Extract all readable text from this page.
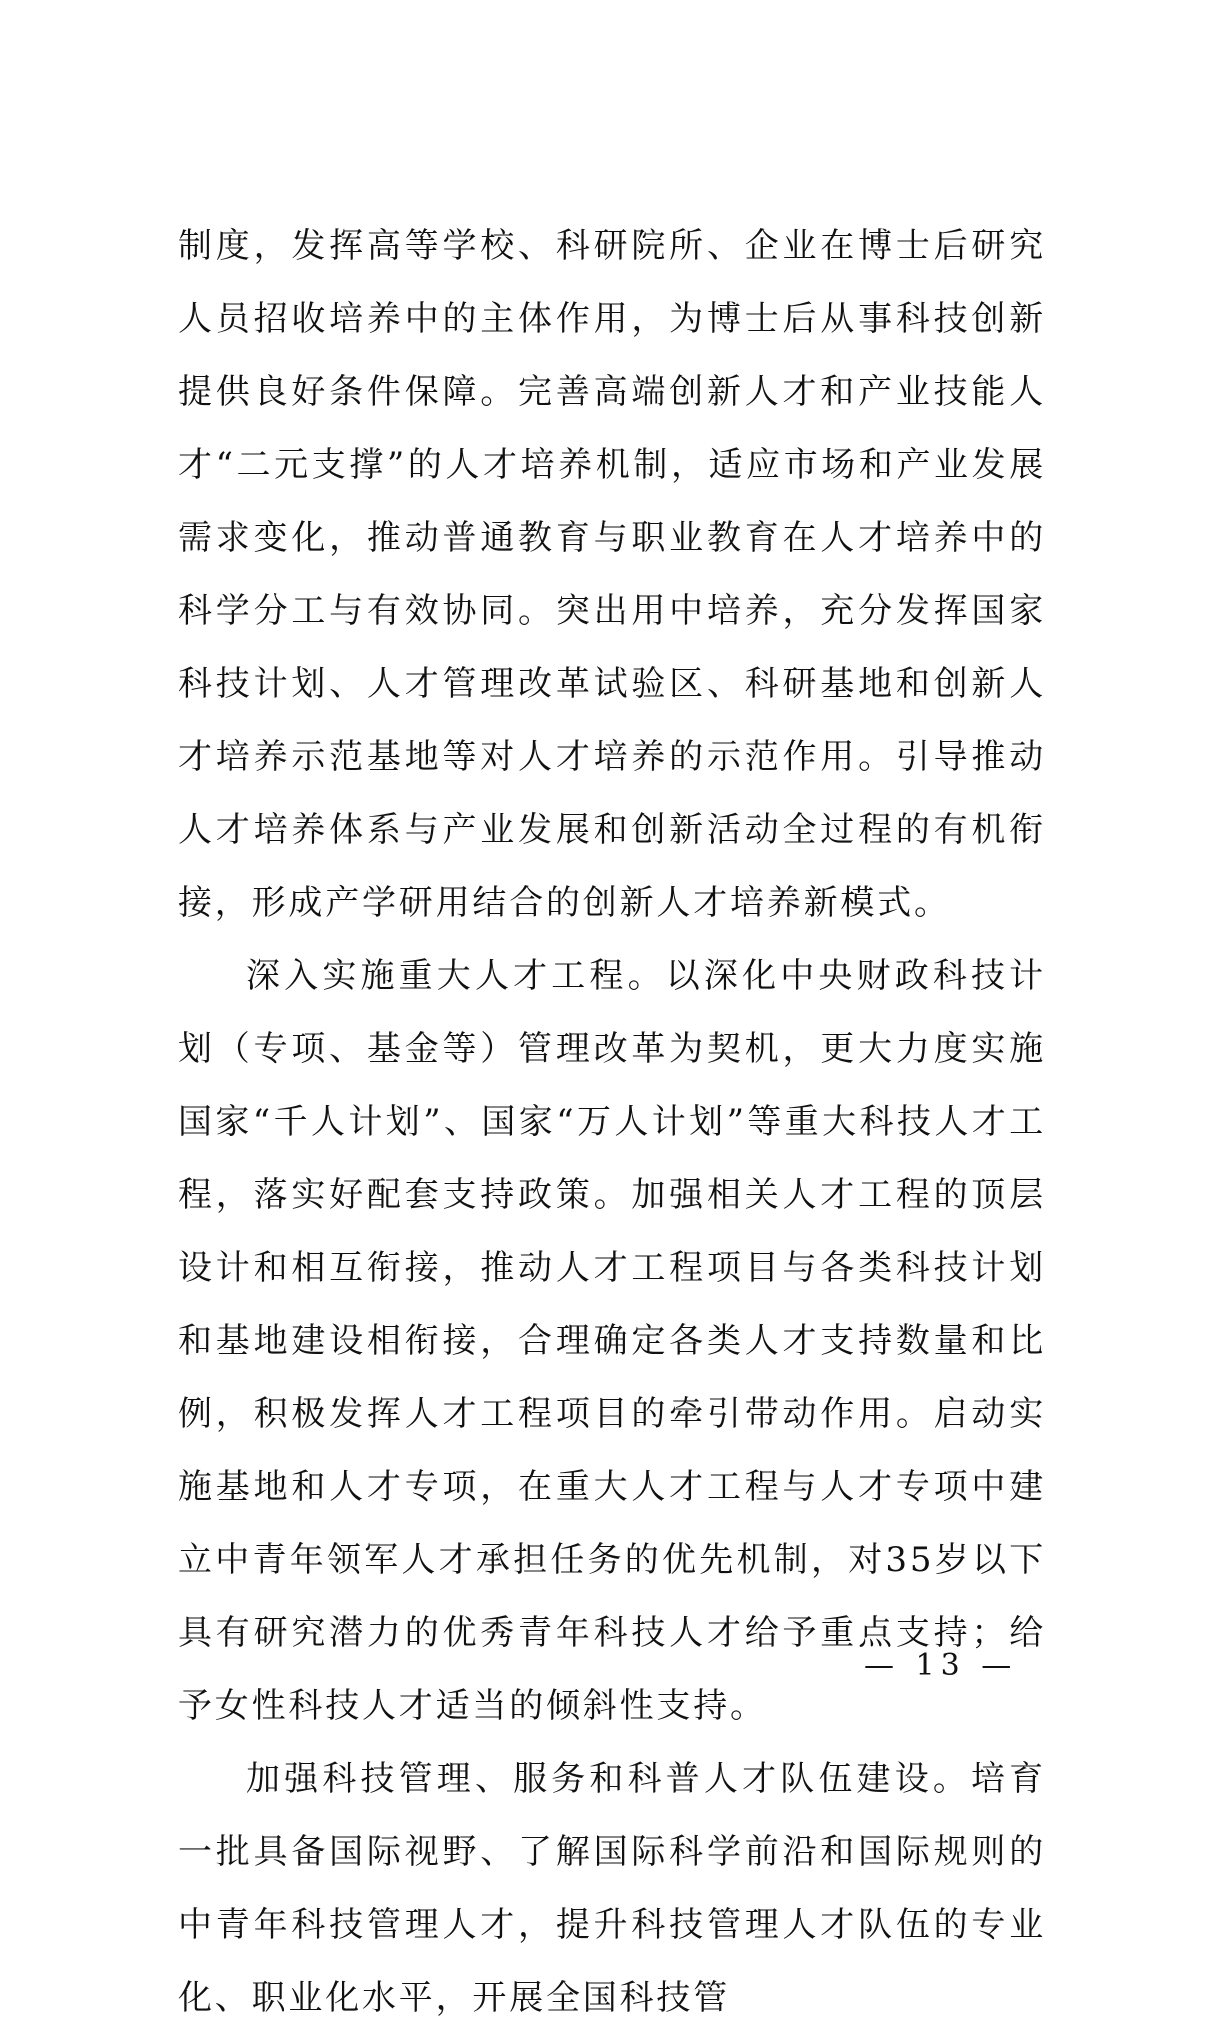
制度，发挥高等学校、科研院所、企业在博士后研究人员招收培养中的主体作用，为博士后从事科技创新提供良好条件保障。完善高端创新人才和产业技能人才“二元支撑”的人才培养机制，适应市场和产业发展需求变化，推动普通教育与职业教育在人才培养中的科学分工与有效协同。突出用中培养，充分发挥国家科技计划、人才管理改革试验区、科研基地和创新人才培养示范基地等对人才培养的示范作用。引导推动人才培养体系与产业发展和创新活动全过程的有机衔接，形成产学研用结合的创新人才培养新模式。

深入实施重大人才工程。以深化中央财政科技计划（专项、基金等）管理改革为契机，更大力度实施国家“千人计划”、国家“万人计划”等重大科技人才工程，落实好配套支持政策。加强相关人才工程的顶层设计和相互衔接，推动人才工程项目与各类科技计划和基地建设相衔接，合理确定各类人才支持数量和比例，积极发挥人才工程项目的牵引带动作用。启动实施基地和人才专项，在重大人才工程与人才专项中建立中青年领军人才承担任务的优先机制，对35岁以下具有研究潜力的优秀青年科技人才给予重点支持；给予女性科技人才适当的倾斜性支持。

加强科技管理、服务和科普人才队伍建设。培育一批具备国际视野、了解国际科学前沿和国际规则的中青年科技管理人才，提升科技管理人才队伍的专业化、职业化水平，开展全国科技管

— 13 —
